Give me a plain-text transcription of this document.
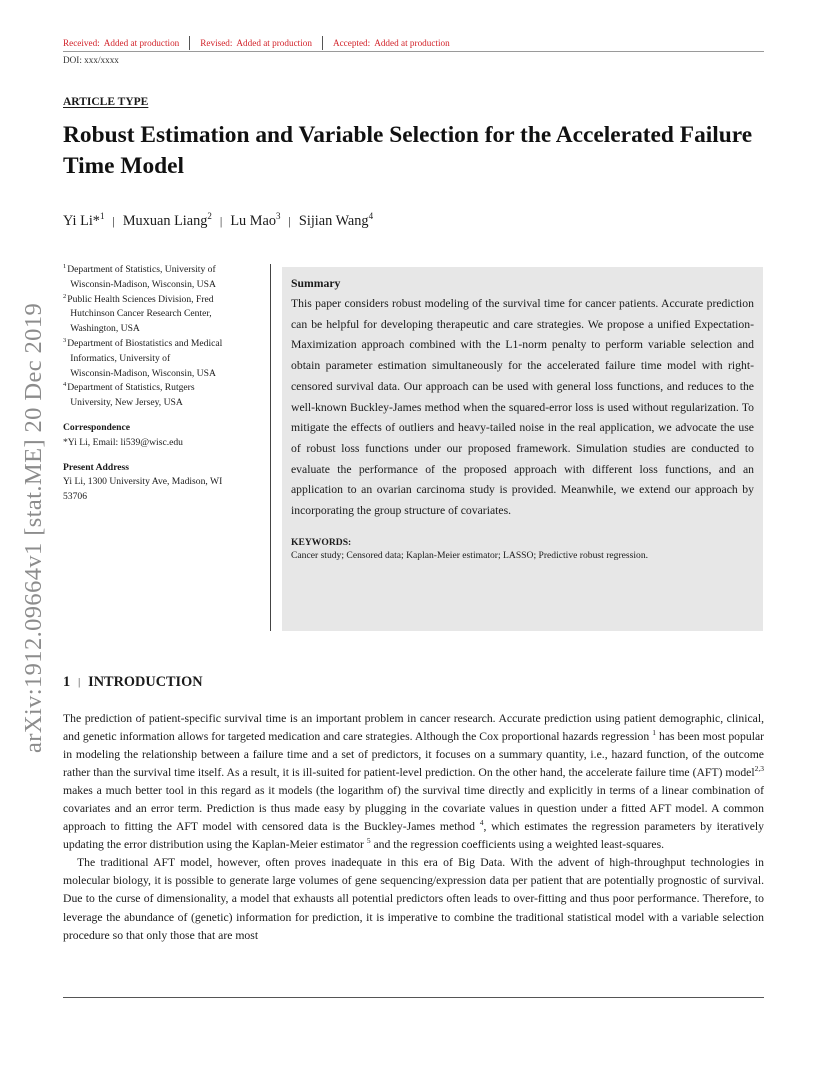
arXiv:1912.09664v1 [stat.ME] 20 Dec 2019
Received: Added at production Revised: Added at production Accepted: Added at production
DOI: xxx/xxxx
ARTICLE TYPE
Robust Estimation and Variable Selection for the Accelerated Failure Time Model
Yi Li*$^1$ | Muxuan Liang$^2$ | Lu Mao$^3$ | Sijian Wang$^4$
1 Department of Statistics, University of
Wisconsin-Madison, Wisconsin, USA
2 Public Health Sciences Division, Fred
Hutchinson Cancer Research Center,
Washington, USA
3 Department of Biostatistics and Medical
Informatics, University of
Wisconsin-Madison, Wisconsin, USA
4 Department of Statistics, Rutgers
University, New Jersey, USA
Correspondence
*Yi Li, Email: li539@wisc.edu
Present Address
Yi Li, 1300 University Ave, Madison, WI
53706
Summary
This paper considers robust modeling of the survival time for cancer patients. Accurate prediction can be helpful for developing therapeutic and care strategies. We propose a unified Expectation-Maximization approach combined with the L1-norm penalty to perform variable selection and obtain parameter estimation simultaneously for the accelerated failure time model with right-censored survival data. Our approach can be used with general loss functions, and reduces to the well-known Buckley-James method when the squared-error loss is used without regularization. To mitigate the effects of outliers and heavy-tailed noise in the real application, we advocate the use of robust loss functions under our proposed framework. Simulation studies are conducted to evaluate the performance of the proposed approach with different loss functions, and an application to an ovarian carcinoma study is provided. Meanwhile, we extend our approach by incorporating the group structure of covariates.
KEYWORDS:
Cancer study; Censored data; Kaplan-Meier estimator; LASSO; Predictive robust regression.
1 | INTRODUCTION

The prediction of patient-specific survival time is an important problem in cancer research. Accurate prediction using patient demographic, clinical, and genetic information allows for targeted medication and care strategies. Although the Cox proportional hazards regression $^1$ has been most popular in modeling the relationship between a failure time and a set of predictors, it focuses on a summary quantity, i.e., hazard function, of the outcome rather than the survival time itself. As a result, it is ill-suited for patient-level prediction. On the other hand, the accelerate failure time (AFT) model$^{2,3}$ makes a much better tool in this regard as it models (the logarithm of) the survival time directly and explicitly in terms of a linear combination of covariates and an error term. Prediction is thus made easy by plugging in the covariate values in question under a fitted AFT model. A common approach to fitting the AFT model with censored data is the Buckley-James method $^4$, which estimates the regression parameters by iteratively updating the error distribution using the Kaplan-Meier estimator $^5$ and the regression coefficients using a weighted least-squares.

The traditional AFT model, however, often proves inadequate in this era of Big Data. With the advent of high-throughput technologies in molecular biology, it is possible to generate large volumes of gene sequencing/expression data per patient that are potentially prognostic of survival. Due to the curse of dimensionality, a model that exhausts all potential predictors often leads to over-fitting and thus poor performance. Therefore, to leverage the abundance of (genetic) information for prediction, it is imperative to combine the traditional statistical model with a variable selection procedure so that only those that are most
